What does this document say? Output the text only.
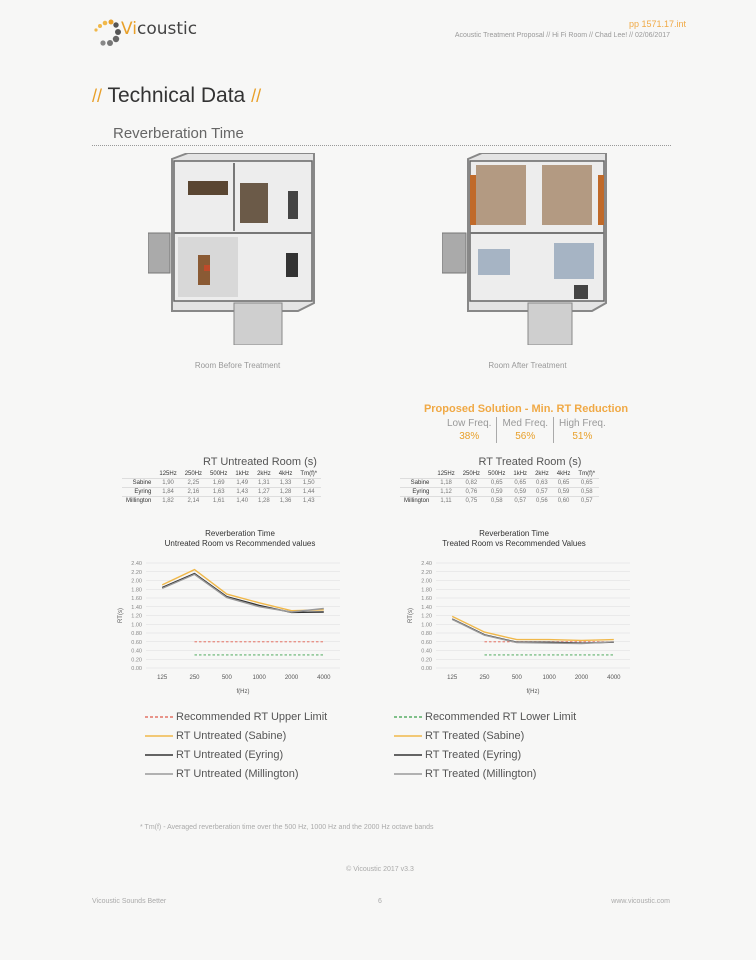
Vicoustic	pp 1571.17.int
Acoustic Treatment Proposal // Hi Fi Room // Chad Lee! // 02/06/2017
// Technical Data //
Reverberation Time
Room Before Treatment	Room After Treatment
Proposed Solution - Min. RT Reduction
Low Freq.	Med Freq.	High Freq.
38%	56%	51%
RT Untreated Room (s)
	125Hz	250Hz	500Hz	1kHz	2kHz	4kHz	Tm(f)*
Sabine	1,90	2,25	1,69	1,49	1,31	1,33	1,50
Eyring	1,84	2,16	1,63	1,43	1,27	1,28	1,44
Millington	1,82	2,14	1,61	1,40	1,28	1,36	1,43
RT Treated Room (s)
	125Hz	250Hz	500Hz	1kHz	2kHz	4kHz	Tm(f)*
Sabine	1,18	0,82	0,65	0,65	0,63	0,65	0,65
Eyring	1,12	0,76	0,59	0,59	0,57	0,59	0,58
Millington	1,11	0,75	0,58	0,57	0,56	0,60	0,57
Reverberation Time
Untreated Room vs Recommended values
0.00
0.20
0.40
0.60
0.80
1.00
1.20
1.40
1.60
1.80
2.00
2.20
2.40
125	250	500	1000	2000	4000
f(Hz)
RT(s)
Reverberation Time
Treated Room vs Recommended Values
0.00
0.20
0.40
0.60
0.80
1.00
1.20
1.40
1.60
1.80
2.00
2.20
2.40
125	250	500	1000	2000	4000
f(Hz)
RT(s)
Recommended RT Upper Limit
RT Untreated (Sabine)
RT Untreated (Eyring)
RT Untreated (Millington)
Recommended RT Lower Limit
RT Treated (Sabine)
RT Treated (Eyring)
RT Treated (Millington)
* Tm(f) - Averaged reverberation time over the 500 Hz, 1000 Hz and the 2000 Hz octave bands
© Vicoustic 2017 v3.3
Vicoustic Sounds Better	6	www.vicoustic.com
